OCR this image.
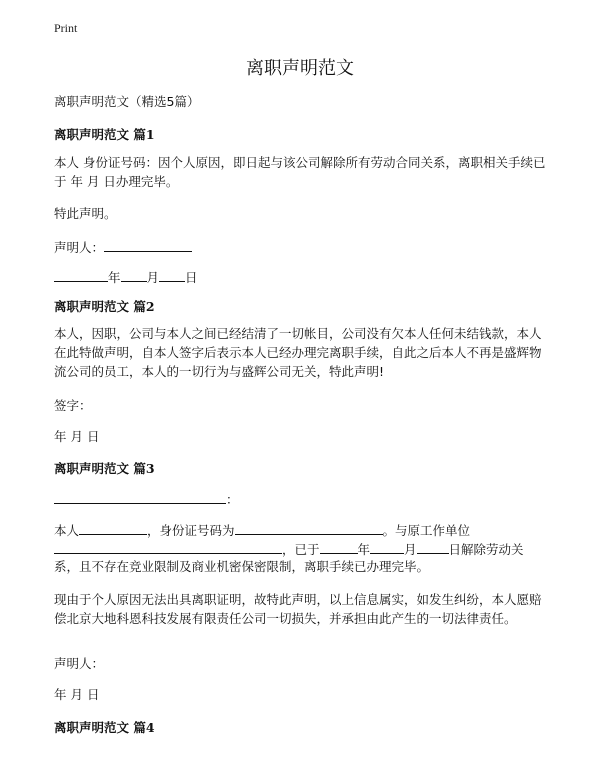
Print
离职声明范文
离职声明范文（精选5篇）
离职声明范文 篇1
本人 身份证号码：因个人原因，即日起与该公司解除所有劳动合同关系，离职相关手续已于 年 月 日办理完毕。
特此声明。
声明人：
年 月 日
离职声明范文 篇2
本人，因职，公司与本人之间已经结清了一切帐目，公司没有欠本人任何未结钱款，本人在此特做声明，自本人签字后表示本人已经办理完离职手续，自此之后本人不再是盛辉物流公司的员工，本人的一切行为与盛辉公司无关，特此声明!
签字：
年 月 日
离职声明范文 篇3
：
本人	，身份证号码为	。与原工作单位
，已于	年	月	日解除劳动关
系，且不存在竞业限制及商业机密保密限制，离职手续已办理完毕。
现由于个人原因无法出具离职证明，故特此声明，以上信息属实，如发生纠纷，本人愿赔偿北京大地科恩科技发展有限责任公司一切损失，并承担由此产生的一切法律责任。
声明人：
年 月 日
离职声明范文 篇4
